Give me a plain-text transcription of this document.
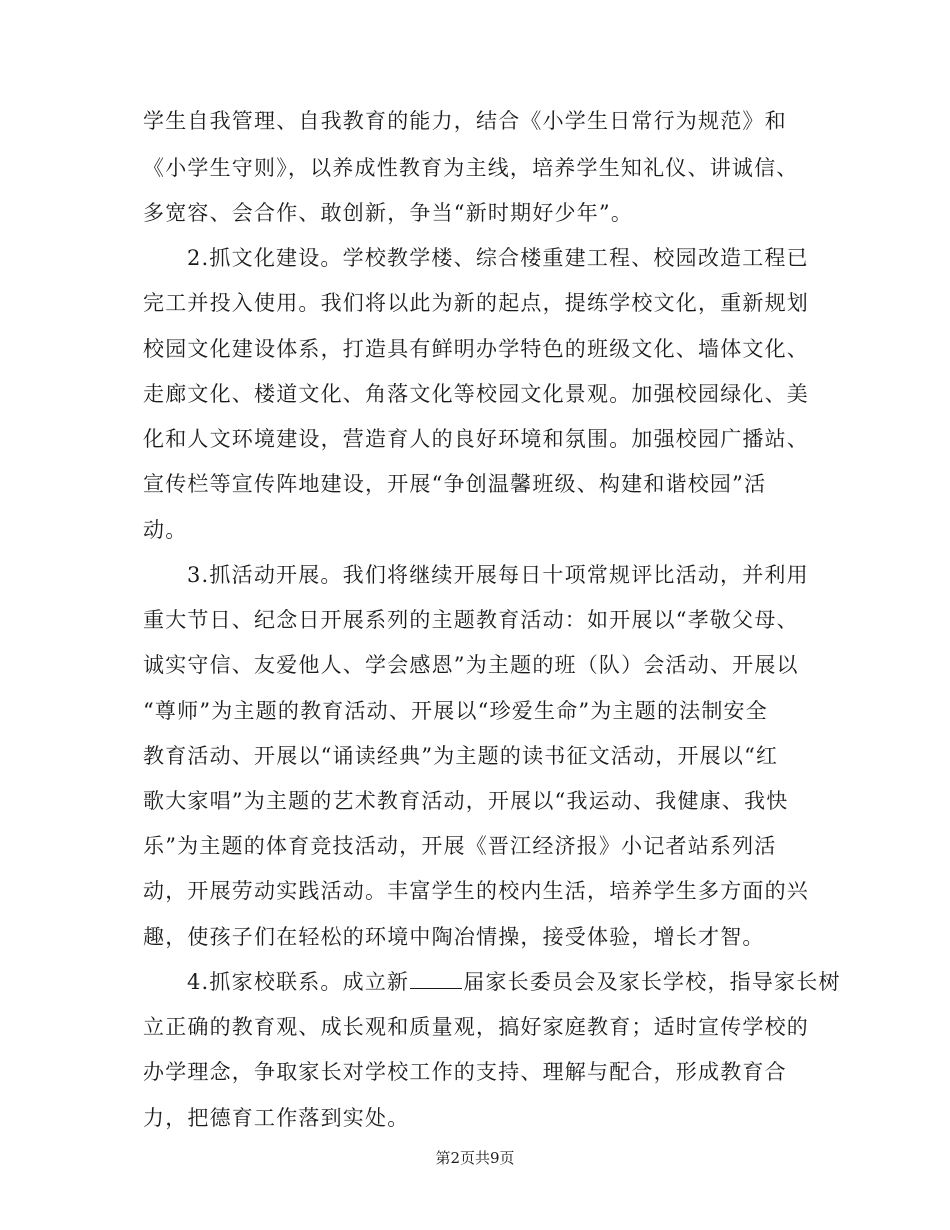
学生自我管理、自我教育的能力，结合《小学生日常行为规范》和
《小学生守则》，以养成性教育为主线，培养学生知礼仪、讲诚信、
多宽容、会合作、敢创新，争当“新时期好少年”。
2.抓文化建设。学校教学楼、综合楼重建工程、校园改造工程已
完工并投入使用。我们将以此为新的起点，提练学校文化，重新规划
校园文化建设体系，打造具有鲜明办学特色的班级文化、墙体文化、
走廊文化、楼道文化、角落文化等校园文化景观。加强校园绿化、美
化和人文环境建设，营造育人的良好环境和氛围。加强校园广播站、
宣传栏等宣传阵地建设，开展“争创温馨班级、构建和谐校园”活
动。
3.抓活动开展。我们将继续开展每日十项常规评比活动，并利用
重大节日、纪念日开展系列的主题教育活动：如开展以“孝敬父母、
诚实守信、友爱他人、学会感恩”为主题的班（队）会活动、开展以
“尊师”为主题的教育活动、开展以“珍爱生命”为主题的法制安全
教育活动、开展以“诵读经典”为主题的读书征文活动，开展以“红
歌大家唱”为主题的艺术教育活动，开展以“我运动、我健康、我快
乐”为主题的体育竞技活动，开展《晋江经济报》小记者站系列活
动，开展劳动实践活动。丰富学生的校内生活，培养学生多方面的兴
趣，使孩子们在轻松的环境中陶冶情操，接受体验，增长才智。
4.抓家校联系。成立新	届家长委员会及家长学校，指导家长树
立正确的教育观、成长观和质量观，搞好家庭教育；适时宣传学校的
办学理念，争取家长对学校工作的支持、理解与配合，形成教育合
力，把德育工作落到实处。
第2页共9页
